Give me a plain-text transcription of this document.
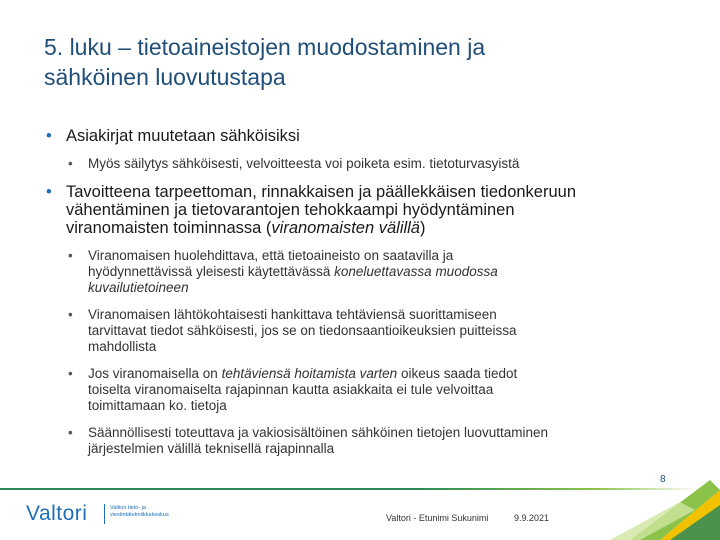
5. luku – tietoaineistojen muodostaminen ja
sähköinen luovutustapa
• Asiakirjat muutetaan sähköisiksi
• Myös säilytys sähköisesti, velvoitteesta voi poiketa esim. tietoturvasyistä
• Tavoitteena tarpeettoman, rinnakkaisen ja päällekkäisen tiedonkeruun
vähentäminen ja tietovarantojen tehokkaampi hyödyntäminen
viranomaisten toiminnassa (viranomaisten välillä)
• Viranomaisen huolehdittava, että tietoaineisto on saatavilla ja
hyödynnettävissä yleisesti käytettävässä koneluettavassa muodossa
kuvailutietoineen
• Viranomaisen lähtökohtaisesti hankittava tehtäviensä suorittamiseen
tarvittavat tiedot sähköisesti, jos se on tiedonsaantioikeuksien puitteissa
mahdollista
• Jos viranomaisella on tehtäviensä hoitamista varten oikeus saada tiedot
toiselta viranomaiselta rajapinnan kautta asiakkaita ei tule velvoittaa
toimittamaan ko. tietoja
• Säännöllisesti toteuttava ja vakiosisältöinen sähköinen tietojen luovuttaminen
järjestelmien välillä teknisellä rajapinnalla
8
Valtori	Valtion tieto- ja
viestintätekniikkakeskus	Valtori - Etunimi Sukunimi	9.9.2021
